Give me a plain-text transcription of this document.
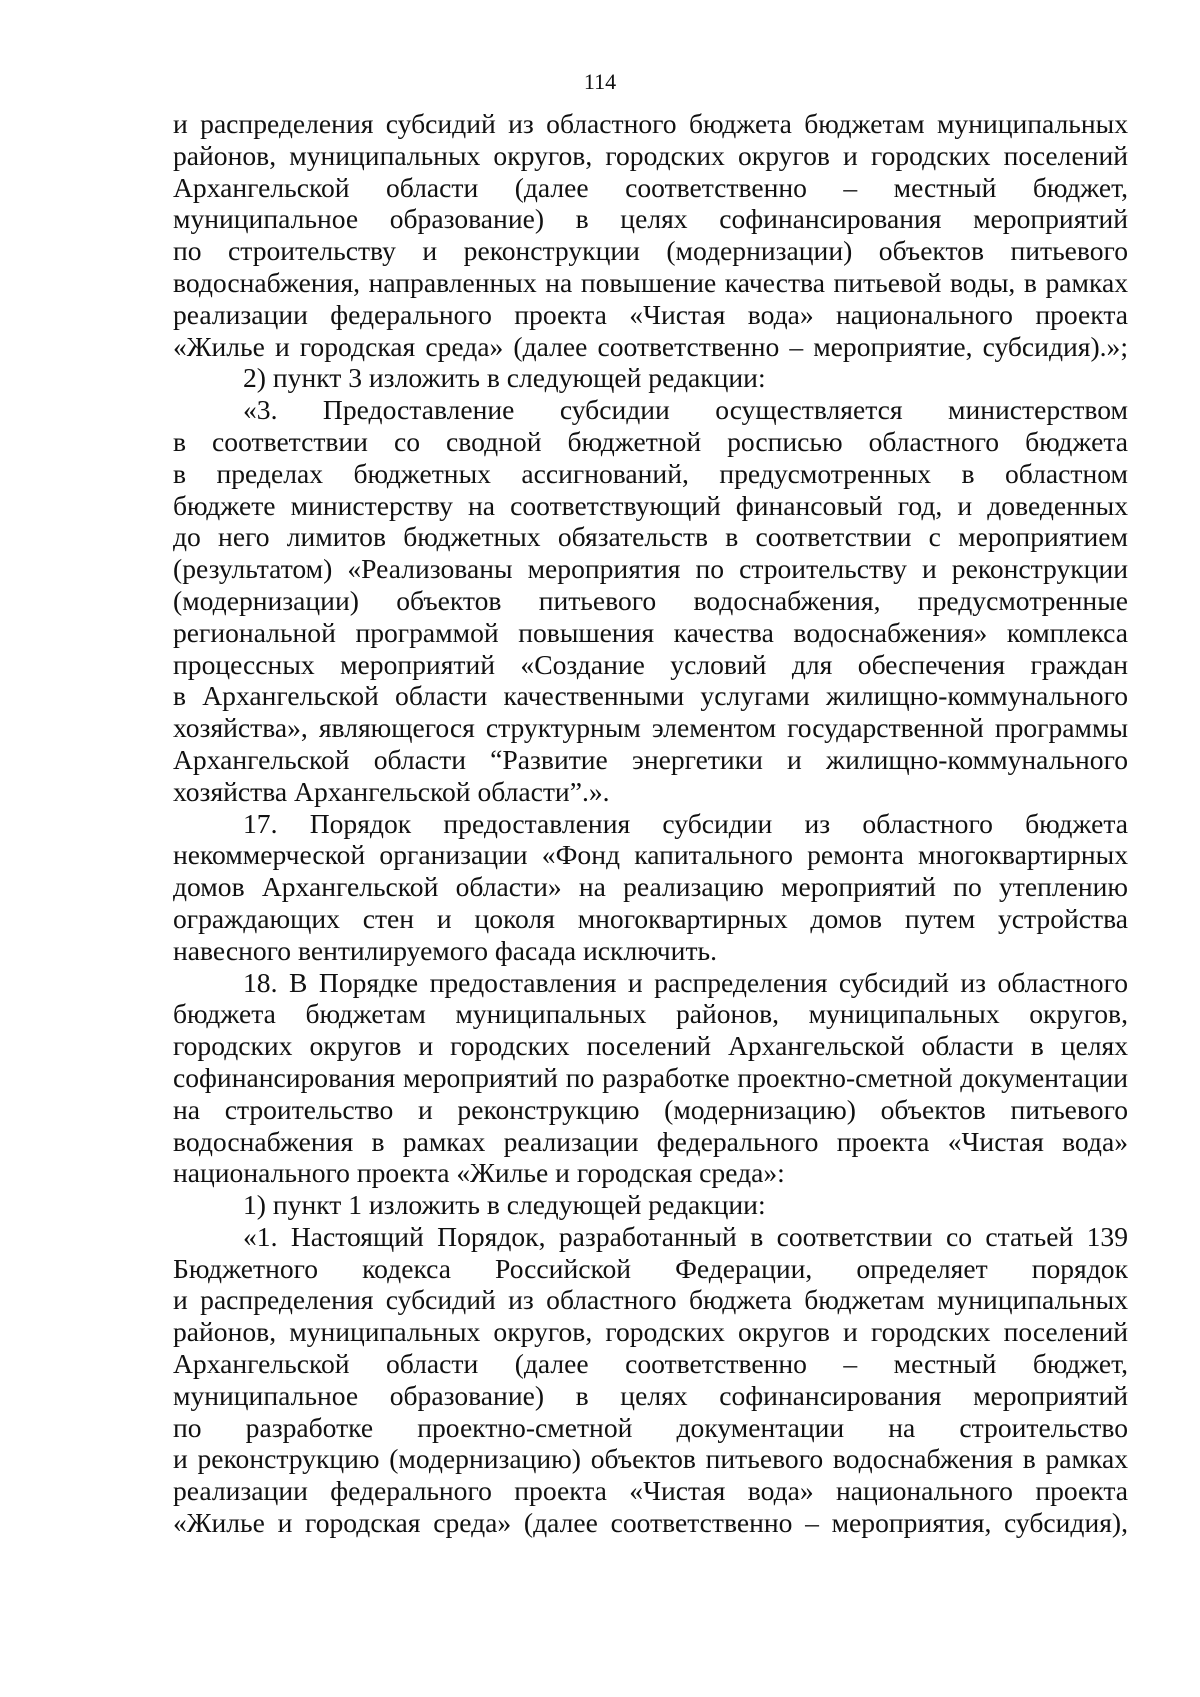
114
и распределения субсидий из областного бюджета бюджетам муниципальных
районов, муниципальных округов, городских округов и городских поселений
Архангельской области (далее соответственно – местный бюджет,
муниципальное образование) в целях софинансирования мероприятий
по строительству и реконструкции (модернизации) объектов питьевого
водоснабжения, направленных на повышение качества питьевой воды, в рамках
реализации федерального проекта «Чистая вода» национального проекта
«Жилье и городская среда» (далее соответственно – мероприятие, субсидия).»;
2) пункт 3 изложить в следующей редакции:
«3. Предоставление субсидии осуществляется министерством
в соответствии со сводной бюджетной росписью областного бюджета
в пределах бюджетных ассигнований, предусмотренных в областном
бюджете министерству на соответствующий финансовый год, и доведенных
до него лимитов бюджетных обязательств в соответствии с мероприятием
(результатом) «Реализованы мероприятия по строительству и реконструкции
(модернизации) объектов питьевого водоснабжения, предусмотренные
региональной программой повышения качества водоснабжения» комплекса
процессных мероприятий «Создание условий для обеспечения граждан
в Архангельской области качественными услугами жилищно-коммунального
хозяйства», являющегося структурным элементом государственной программы
Архангельской области “Развитие энергетики и жилищно-коммунального
хозяйства Архангельской области”.».
17. Порядок предоставления субсидии из областного бюджета
некоммерческой организации «Фонд капитального ремонта многоквартирных
домов Архангельской области» на реализацию мероприятий по утеплению
ограждающих стен и цоколя многоквартирных домов путем устройства
навесного вентилируемого фасада исключить.
18. В Порядке предоставления и распределения субсидий из областного
бюджета бюджетам муниципальных районов, муниципальных округов,
городских округов и городских поселений Архангельской области в целях
софинансирования мероприятий по разработке проектно-сметной документации
на строительство и реконструкцию (модернизацию) объектов питьевого
водоснабжения в рамках реализации федерального проекта «Чистая вода»
национального проекта «Жилье и городская среда»:
1) пункт 1 изложить в следующей редакции:
«1. Настоящий Порядок, разработанный в соответствии со статьей 139
Бюджетного кодекса Российской Федерации, определяет порядок
и распределения субсидий из областного бюджета бюджетам муниципальных
районов, муниципальных округов, городских округов и городских поселений
Архангельской области (далее соответственно – местный бюджет,
муниципальное образование) в целях софинансирования мероприятий
по разработке проектно-сметной документации на строительство
и реконструкцию (модернизацию) объектов питьевого водоснабжения в рамках
реализации федерального проекта «Чистая вода» национального проекта
«Жилье и городская среда» (далее соответственно – мероприятия, субсидия),
